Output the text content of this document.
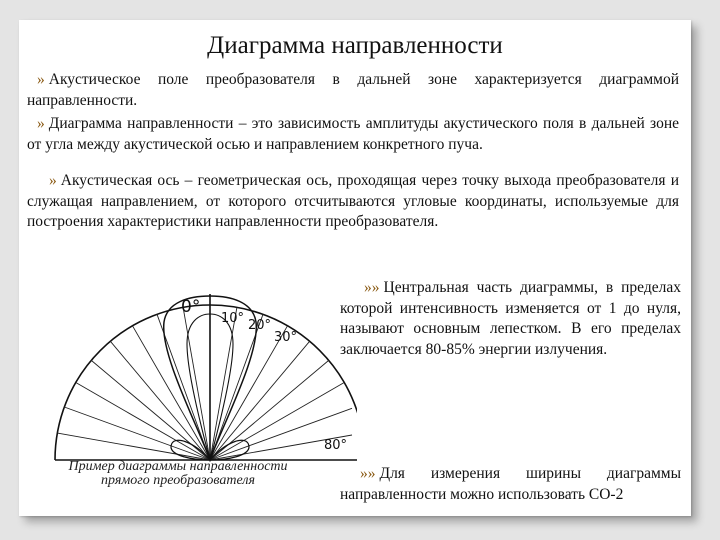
Диаграмма направленности

» Акустическое поле преобразователя в дальней зоне характеризуется диаграммой направленности.

» Диаграмма направленности – это зависимость амплитуды акустического поля в дальней зоне от угла между акустической осью и направлением конкретного пучa.

» Акустическая ось – геометрическая ось, проходящая через точку выхода преобразователя и служащая направлением, от которого отсчитываются угловые координаты, используемые для построения характеристики направленности преобразователя.

»» Центральная часть диаграммы, в пределах которой интенсивность изменяется от 1 до нуля, называют основным лепестком. В его пределах заключается 80-85% энергии излучения.

»» Для измерения ширины диаграммы направленности можно использовать СО-2

0°
10° 20°
30°
80°
Пример диаграммы направленности прямого преобразователя
